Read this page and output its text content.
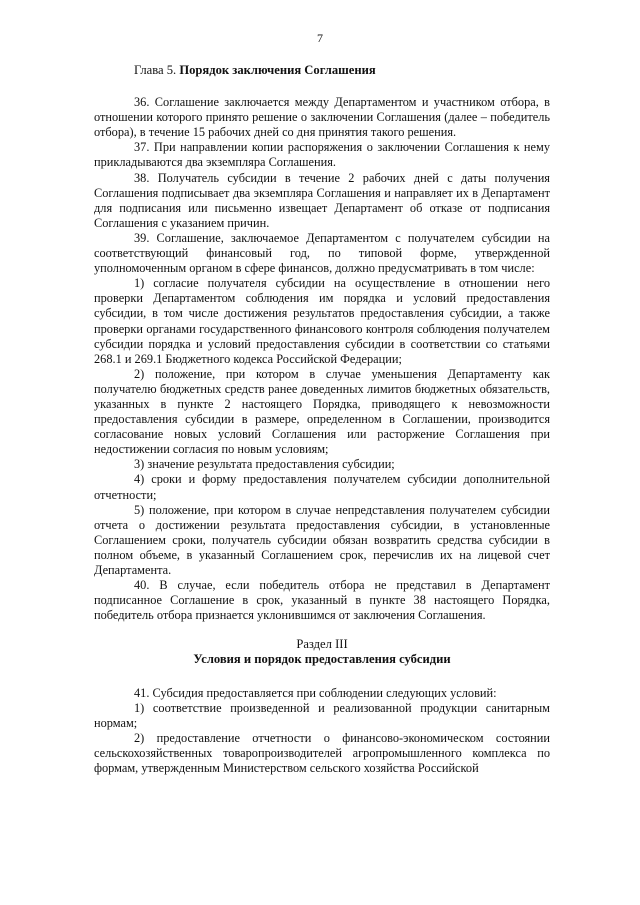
7
Глава 5. Порядок заключения Соглашения

36. Соглашение заключается между Департаментом и участником отбора, в отношении которого принято решение о заключении Соглашения (далее – победитель отбора), в течение 15 рабочих дней со дня принятия такого решения.

37. При направлении копии распоряжения о заключении Соглашения к нему прикладываются два экземпляра Соглашения.

38. Получатель субсидии в течение 2 рабочих дней с даты получения Соглашения подписывает два экземпляра Соглашения и направляет их в Департамент для подписания или письменно извещает Департамент об отказе от подписания Соглашения с указанием причин.

39. Соглашение, заключаемое Департаментом с получателем субсидии на соответствующий финансовый год, по типовой форме, утвержденной уполномоченным органом в сфере финансов, должно предусматривать в том числе:

1) согласие получателя субсидии на осуществление в отношении него проверки Департаментом соблюдения им порядка и условий предоставления субсидии, в том числе достижения результатов предоставления субсидии, а также проверки органами государственного финансового контроля соблюдения получателем субсидии порядка и условий предоставления субсидии в соответствии со статьями 268.1 и 269.1 Бюджетного кодекса Российской Федерации;

2) положение, при котором в случае уменьшения Департаменту как получателю бюджетных средств ранее доведенных лимитов бюджетных обязательств, указанных в пункте 2 настоящего Порядка, приводящего к невозможности предоставления субсидии в размере, определенном в Соглашении, производится согласование новых условий Соглашения или расторжение Соглашения при недостижении согласия по новым условиям;

3) значение результата предоставления субсидии;

4) сроки и форму предоставления получателем субсидии дополнительной отчетности;

5) положение, при котором в случае непредставления получателем субсидии отчета о достижении результата предоставления субсидии, в установленные Соглашением сроки, получатель субсидии обязан возвратить средства субсидии в полном объеме, в указанный Соглашением срок, перечислив их на лицевой счет Департамента.

40. В случае, если победитель отбора не представил в Департамент подписанное Соглашение в срок, указанный в пункте 38 настоящего Порядка, победитель отбора признается уклонившимся от заключения Соглашения.

Раздел III

Условия и порядок предоставления субсидии

41. Субсидия предоставляется при соблюдении следующих условий:

1) соответствие произведенной и реализованной продукции санитарным нормам;

2) предоставление отчетности о финансово-экономическом состоянии сельскохозяйственных товаропроизводителей агропромышленного комплекса по формам, утвержденным Министерством сельского хозяйства Российской
